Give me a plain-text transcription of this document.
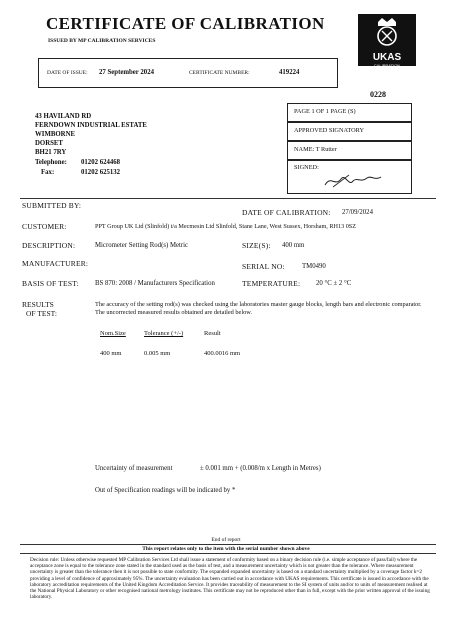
CERTIFICATE OF CALIBRATION
ISSUED BY MP CALIBRATION SERVICES
DATE OF ISSUE: 27 September 2024	CERTIFICATE NUMBER:	419224
UKAS
CALIBRATION
0228
43 HAVILAND RD
FERNDOWN INDUSTRIAL ESTATE
WIMBORNE
DORSET
BH21 7RY
Telephone: 01202 624468
Fax:	01202 625132
PAGE 1 OF 1 PAGE (S)
APPROVED SIGNATORY
NAME: T Rutter
SIGNED:
SUBMITTED BY:
DATE OF CALIBRATION: 27/09/2024
CUSTOMER:	PPT Group UK Ltd (Slinfold) t/a Mecmesin Ltd Slinfold, Stane Lane, West Sussex, Horsham, RH13 0SZ
DESCRIPTION:	Micrometer Setting Rod(s) Metric	SIZE(S): 400 mm
MANUFACTURER:	SERIAL NO:	TM0490
BASIS OF TEST: BS 870: 2008 / Manufacturers Specification	TEMPERATURE: 20 °C ± 2 °C
RESULTS
OF TEST:
The accuracy of the setting rod(s) was checked using the laboratories master gauge blocks, length bars and electronic comparator. The uncorrected measured results obtained are detailed below.
Nom.Size	Tolerance (+/-)	Result
400 mm	0.005 mm	400.0016 mm
Uncertainty of measurement	± 0.001 mm + (0.008/m x Length in Metres)
Out of Specification readings will be indicated by *
End of report
This report relates only to the item with the serial number shown above
Decision rule: Unless otherwise requested MP Calibration Services Ltd shall issue a statement of conformity based on a binary decision rule (i.e. simple acceptance of pass/fail) where the acceptance zone is equal to the tolerance zone stated in the standard used as the basis of test, and a measurement uncertainty which is not greater than the tolerance. Where measurement uncertainty is greater than the tolerance then it is not possible to state conformity. The expanded expanded uncertainty is based on a standard uncertainty multiplied by a coverage factor k=2 providing a level of confidence of approximately 95%. The uncertainty evaluation has been carried out in accordance with UKAS requirements. This certificate is issued in accordance with the laboratory accreditation requirements of the United Kingdom Accreditation Service. It provides traceability of measurement to the SI system of units and/or to units of measurement realised at the National Physical Laboratory or other recognised national metrology institutes. This certificate may not be reproduced other than in full, except with the prior written approval of the issuing laboratory.
